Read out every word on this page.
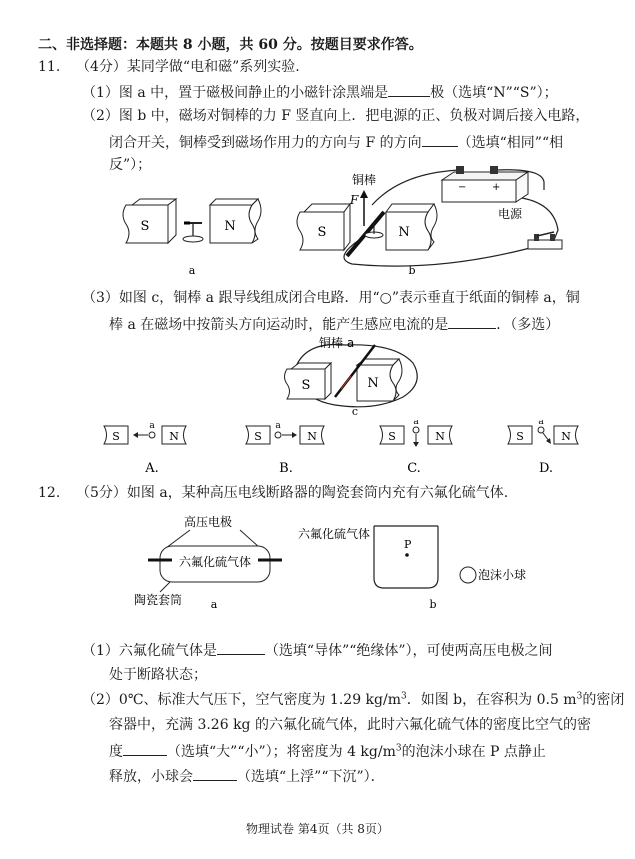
二、非选择题：本题共 8 小题，共 60 分。按题目要求作答。
11. （4分）某同学做“电和磁”系列实验.
（1）图 a 中，置于磁极间静止的小磁针涂黑端是	极（选填“N”“S”）；
（2）图 b 中，磁场对铜棒的力 F 竖直向上．把电源的正、负极对调后接入电路，
闭合开关，铜棒受到磁场作用力的方向与 F 的方向	（选填“相同”“相
反”）；
S	N
a
−	+
电源
S
F
铜棒
N
b
（3）如图 c，铜棒 a 跟导线组成闭合电路．用“○”表示垂直于纸面的铜棒 a，铜
棒 a 在磁场中按箭头方向运动时，能产生感应电流的是	．（多选）
铜棒 a
S	N
c
S	N
a
A.
S	N
a
B.
S	N
a
C.
S	N
a
D.
12. （5分）如图 a，某种高压电线断路器的陶瓷套筒内充有六氟化硫气体.
高压电极
六氟化硫气体
陶瓷套筒	a
六氟化硫气体
P
泡沫小球
b
（1）六氟化硫气体是	（选填“导体”“绝缘体”），可使两高压电极之间
处于断路状态；
（2）0℃、标准大气压下，空气密度为 1.29 $kg/m^3$．如图 b，在容积为 0.5 $m^3$的密闭
容器中，充满 3.26 kg 的六氟化硫气体，此时六氟化硫气体的密度比空气的密
度	（选填“大”“小”）；将密度为 4 $kg/m^3$的泡沫小球在 P 点静止
释放，小球会	（选填“上浮”“下沉”）．
物理试卷 第4页（共 8页）
